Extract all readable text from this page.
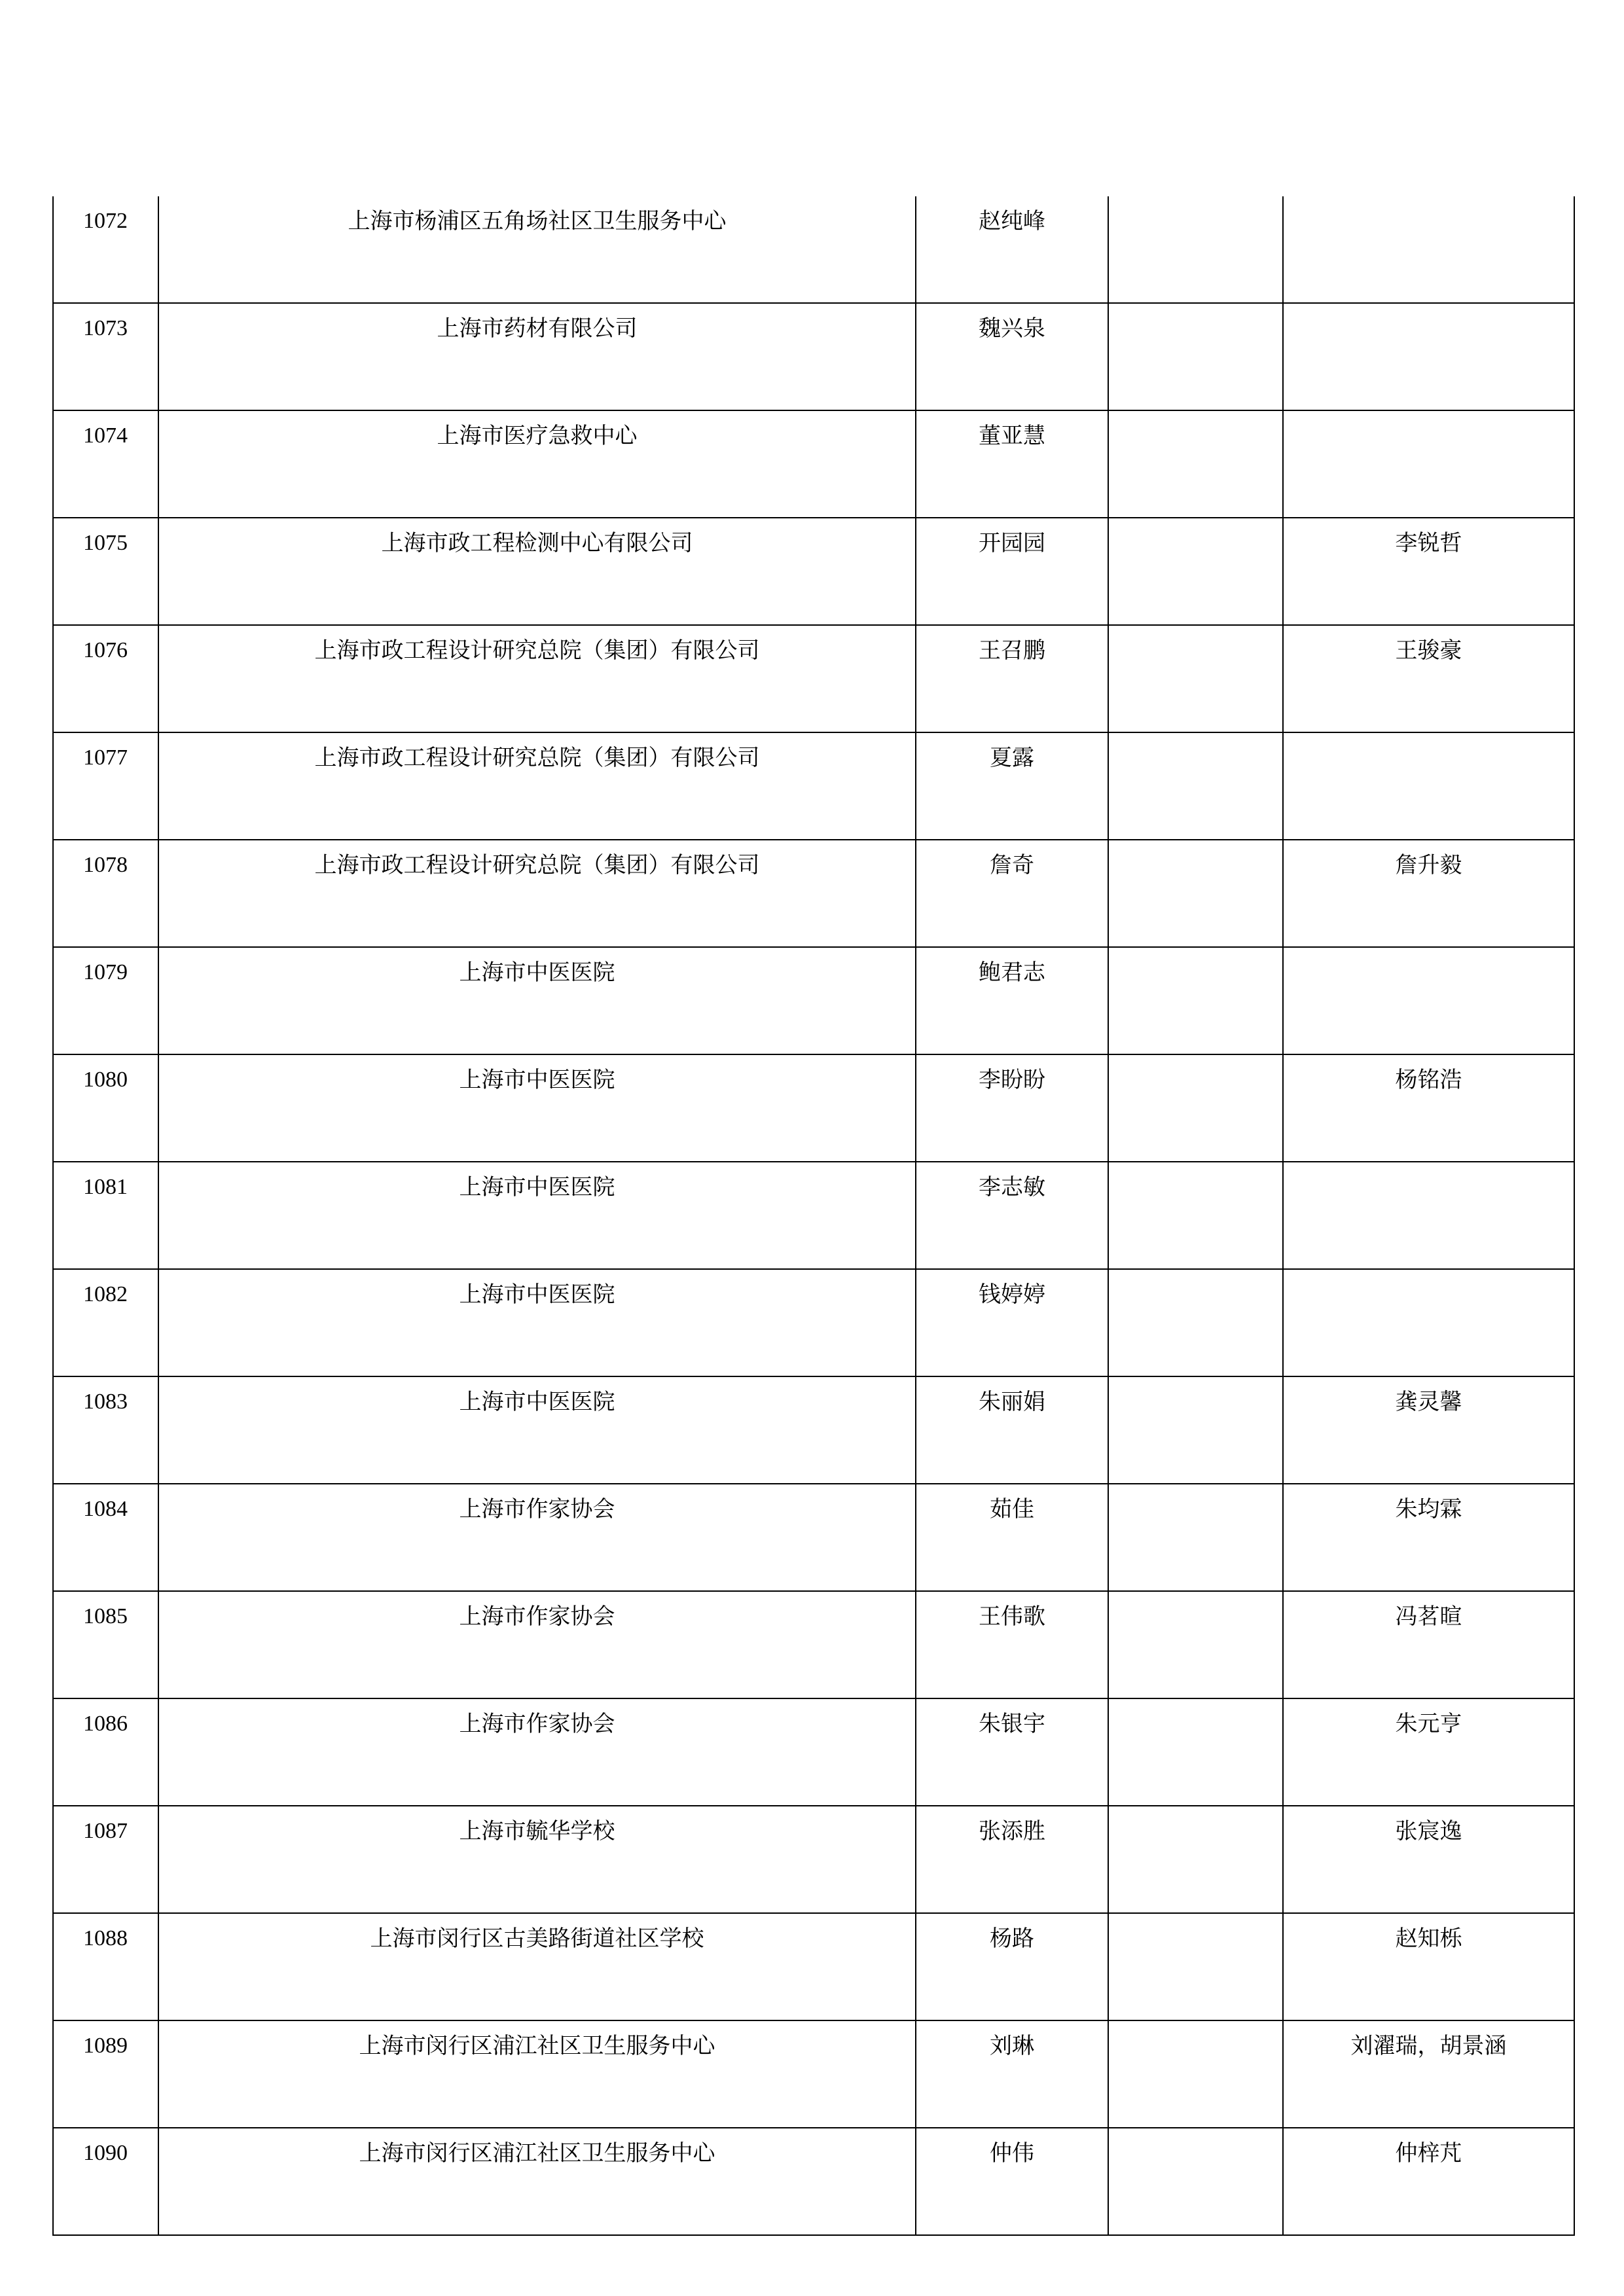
1072	上海市杨浦区五角场社区卫生服务中心	赵纯峰		
1073	上海市药材有限公司	魏兴泉		
1074	上海市医疗急救中心	董亚慧		
1075	上海市政工程检测中心有限公司	开园园		李锐哲
1076	上海市政工程设计研究总院（集团）有限公司	王召鹏		王骏豪
1077	上海市政工程设计研究总院（集团）有限公司	夏露		
1078	上海市政工程设计研究总院（集团）有限公司	詹奇		詹升毅
1079	上海市中医医院	鲍君志		
1080	上海市中医医院	李盼盼		杨铭浩
1081	上海市中医医院	李志敏		
1082	上海市中医医院	钱婷婷		
1083	上海市中医医院	朱丽娟		龚灵馨
1084	上海市作家协会	茹佳		朱均霖
1085	上海市作家协会	王伟歌		冯茗暄
1086	上海市作家协会	朱银宇		朱元亨
1087	上海市毓华学校	张添胜		张宸逸
1088	上海市闵行区古美路街道社区学校	杨路		赵知栎
1089	上海市闵行区浦江社区卫生服务中心	刘琳		刘濯瑞，胡景涵
1090	上海市闵行区浦江社区卫生服务中心	仲伟		仲梓芃
